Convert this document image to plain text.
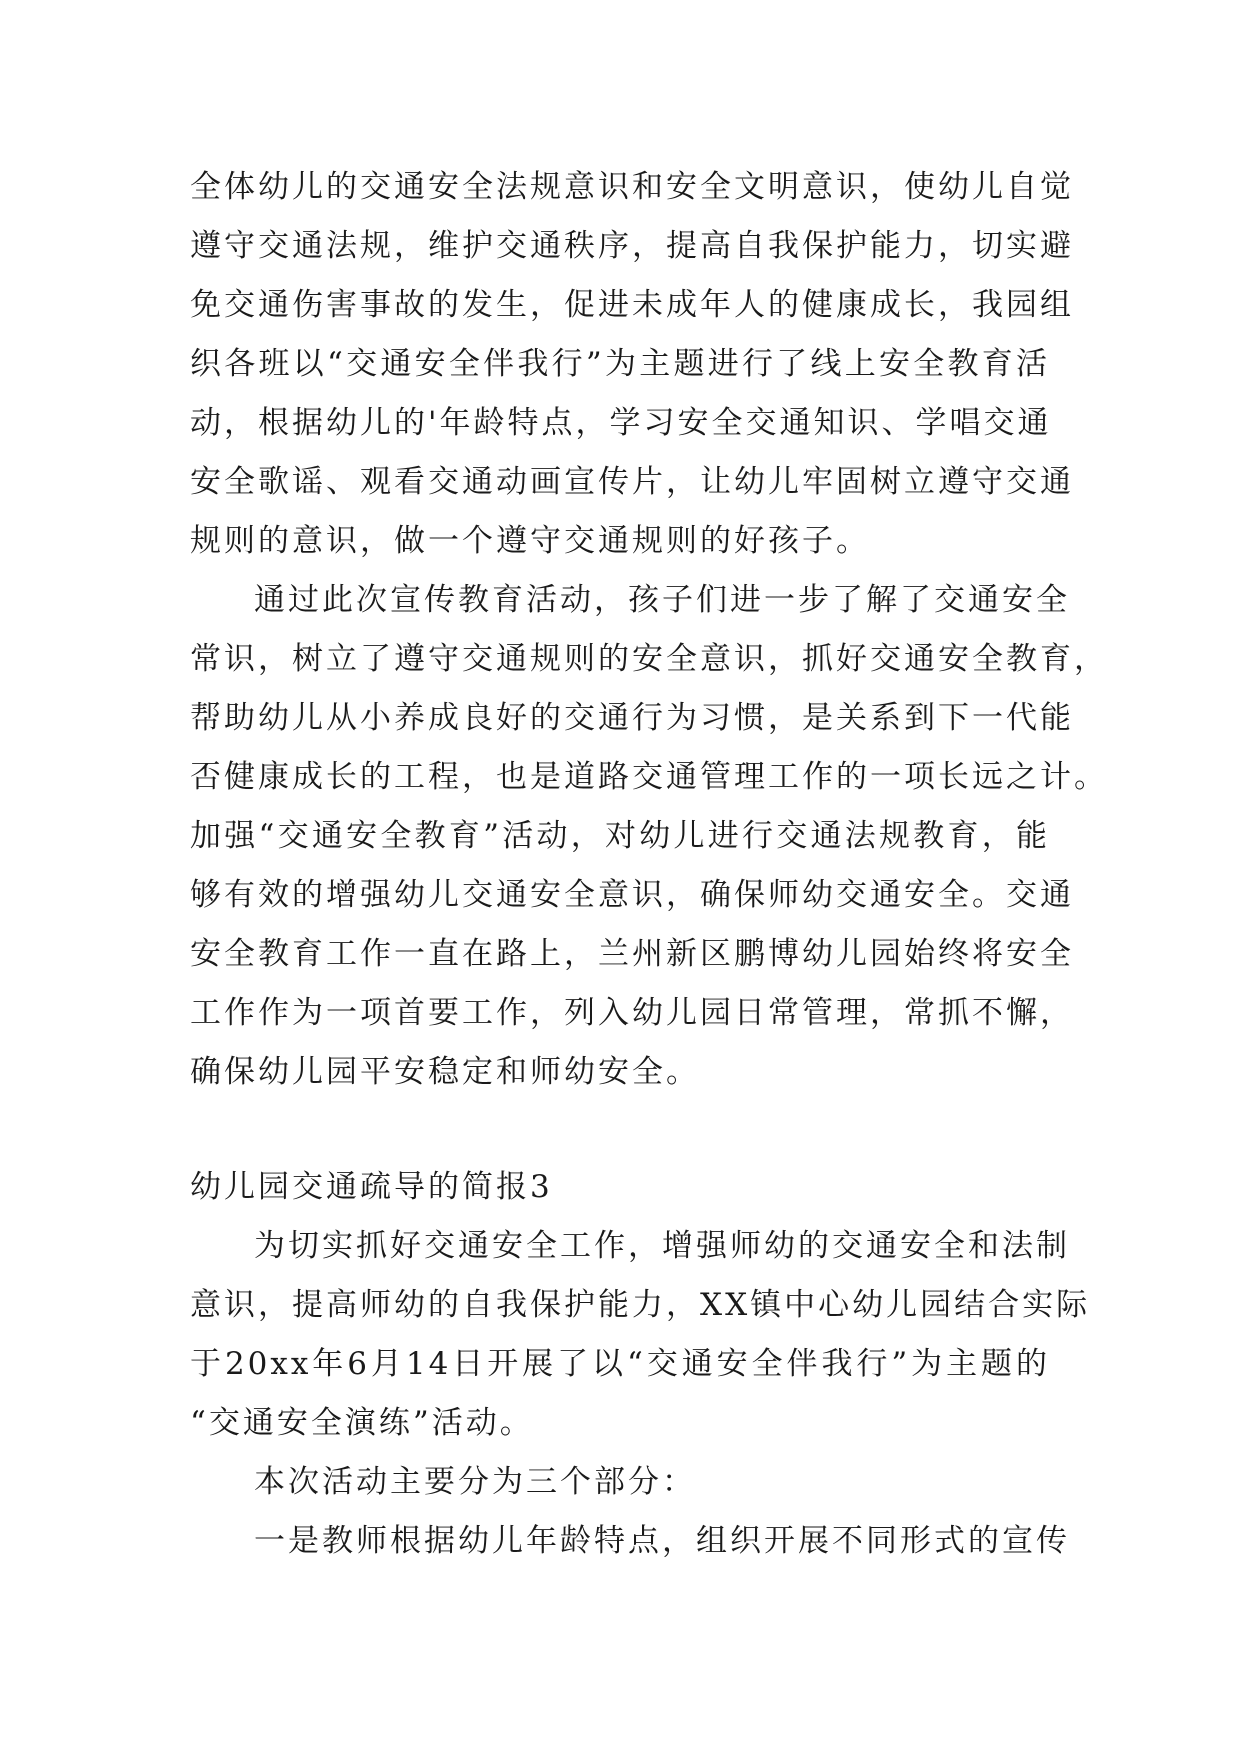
全体幼儿的交通安全法规意识和安全文明意识，使幼儿自觉
遵守交通法规，维护交通秩序，提高自我保护能力，切实避
免交通伤害事故的发生，促进未成年人的健康成长，我园组
织各班以“交通安全伴我行”为主题进行了线上安全教育活
动，根据幼儿的'年龄特点，学习安全交通知识、学唱交通
安全歌谣、观看交通动画宣传片，让幼儿牢固树立遵守交通
规则的意识，做一个遵守交通规则的好孩子。
通过此次宣传教育活动，孩子们进一步了解了交通安全
常识，树立了遵守交通规则的安全意识，抓好交通安全教育，
帮助幼儿从小养成良好的交通行为习惯，是关系到下一代能
否健康成长的工程，也是道路交通管理工作的一项长远之计。
加强“交通安全教育”活动，对幼儿进行交通法规教育，能
够有效的增强幼儿交通安全意识，确保师幼交通安全。交通
安全教育工作一直在路上，兰州新区鹏博幼儿园始终将安全
工作作为一项首要工作，列入幼儿园日常管理，常抓不懈，
确保幼儿园平安稳定和师幼安全。
幼儿园交通疏导的简报3
为切实抓好交通安全工作，增强师幼的交通安全和法制
意识，提高师幼的自我保护能力，XX镇中心幼儿园结合实际
于20xx年6月14日开展了以“交通安全伴我行”为主题的
“交通安全演练”活动。
本次活动主要分为三个部分：
一是教师根据幼儿年龄特点，组织开展不同形式的宣传
